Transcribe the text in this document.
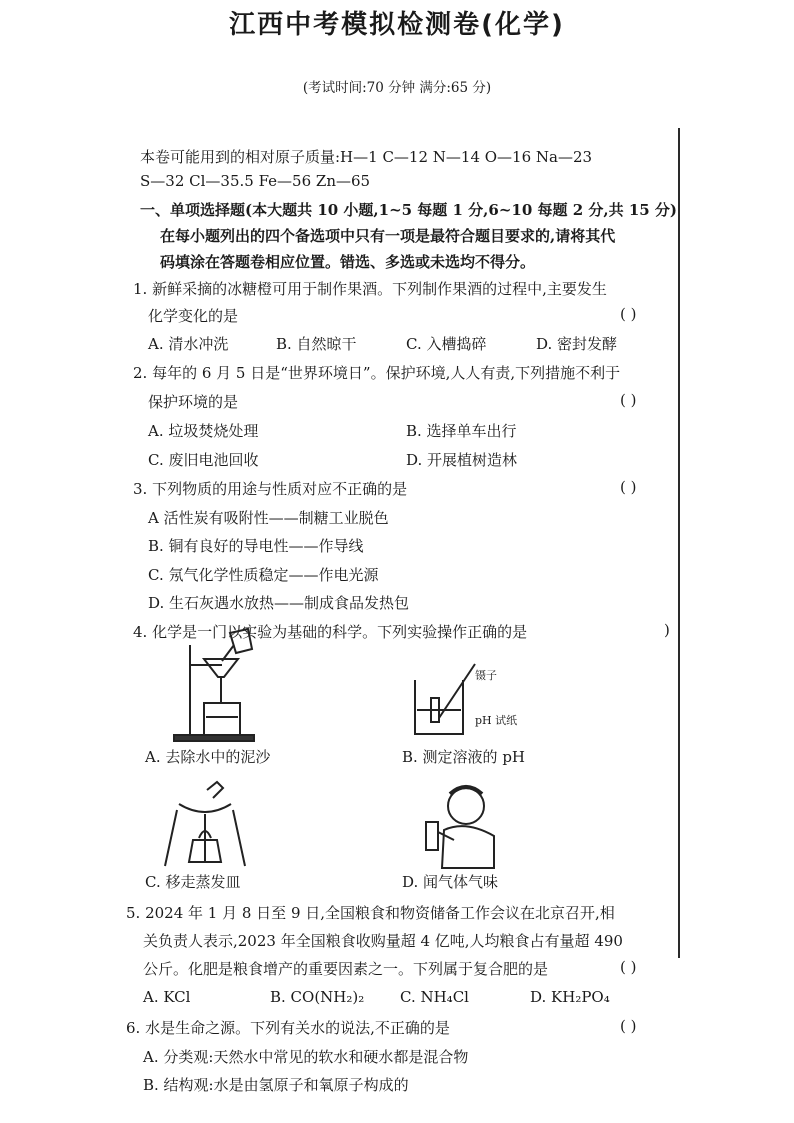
江西中考模拟检测卷(化学)
(考试时间:70 分钟 满分:65 分)
本卷可能用到的相对原子质量:H—1 C—12 N—14 O—16 Na—23
S—32 Cl—35.5 Fe—56 Zn—65
一、单项选择题(本大题共 10 小题,1~5 每题 1 分,6~10 每题 2 分,共 15 分)
在每小题列出的四个备选项中只有一项是最符合题目要求的,请将其代
码填涂在答题卷相应位置。错选、多选或未选均不得分。
1. 新鲜采摘的冰糖橙可用于制作果酒。下列制作果酒的过程中,主要发生
化学变化的是	( )
A. 清水冲洗	B. 自然晾干	C. 入槽捣碎	D. 密封发酵
2. 每年的 6 月 5 日是“世界环境日”。保护环境,人人有责,下列措施不利于
保护环境的是	( )
A. 垃圾焚烧处理	B. 选择单车出行
C. 废旧电池回收	D. 开展植树造林
3. 下列物质的用途与性质对应不正确的是	( )
A 活性炭有吸附性——制糖工业脱色
B. 铜有良好的导电性——作导线
C. 氖气化学性质稳定——作电光源
D. 生石灰遇水放热——制成食品发热包
4. 化学是一门以实验为基础的科学。下列实验操作正确的是	)
镊子
pH 试纸
A. 去除水中的泥沙	B. 测定溶液的 pH
C. 移走蒸发皿	D. 闻气体气味
5. 2024 年 1 月 8 日至 9 日,全国粮食和物资储备工作会议在北京召开,相
关负责人表示,2023 年全国粮食收购量超 4 亿吨,人均粮食占有量超 490
公斤。化肥是粮食增产的重要因素之一。下列属于复合肥的是	( )
A. KCl	B. CO(NH₂)₂ C. NH₄Cl	D. KH₂PO₄
6. 水是生命之源。下列有关水的说法,不正确的是	( )
A. 分类观:天然水中常见的软水和硬水都是混合物
B. 结构观:水是由氢原子和氧原子构成的
